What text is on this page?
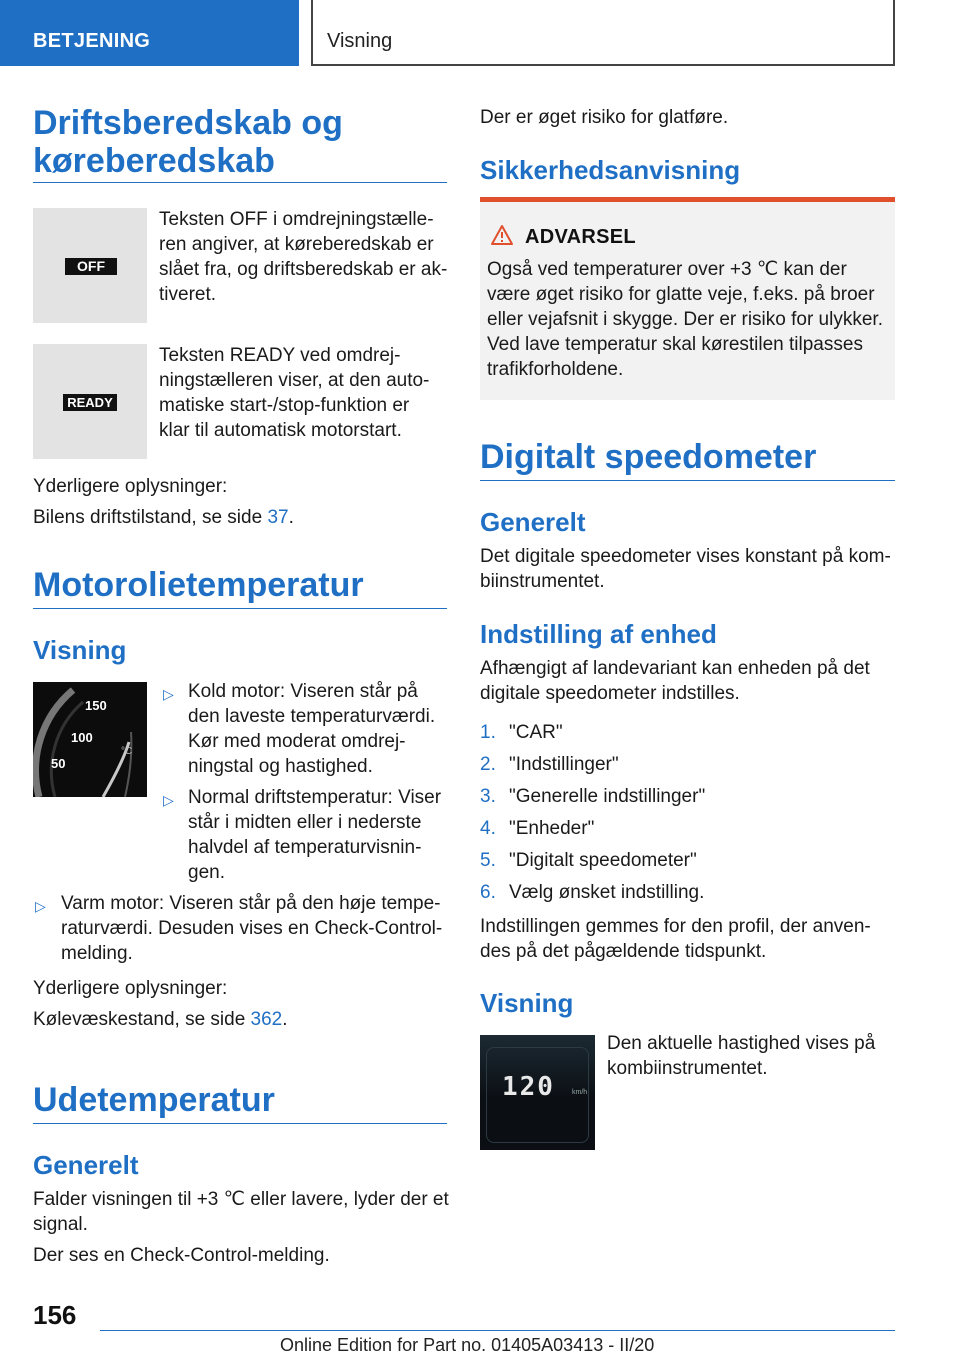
BETJENING	Visning
Driftsberedskab og
køreberedskab
OFF
Teksten OFF i omdrejningstælle‐
ren angiver, at køreberedskab er
slået fra, og driftsberedskab er ak‐
tiveret.
READY
Teksten READY ved omdrej‐
ningstælleren viser, at den auto‐
matiske start-/stop-funktion er
klar til automatisk motorstart.
Yderligere oplysninger:
Bilens driftstilstand, se side 37.
Motorolietemperatur
Visning
150
100
50
°C
▷ Kold motor: Viseren står på
den laveste temperaturværdi.
Kør med moderat omdrej‐
ningstal og hastighed.
▷ Normal driftstemperatur: Viser
står i midten eller i nederste
halvdel af temperaturvisnin‐
gen.
▷ Varm motor: Viseren står på den høje tempe‐
raturværdi. Desuden vises en Check-Control-
melding.
Yderligere oplysninger:
Kølevæskestand, se side 362.
Udetemperatur
Generelt
Falder visningen til +3 ℃ eller lavere, lyder der et
signal.
Der ses en Check-Control-melding.
Der er øget risiko for glatføre.
Sikkerhedsanvisning
ADVARSEL
Også ved temperaturer over +3 ℃ kan der
være øget risiko for glatte veje, f.eks. på broer
eller vejafsnit i skygge. Der er risiko for ulykker.
Ved lave temperatur skal kørestilen tilpasses
trafikforholdene.
Digitalt speedometer
Generelt
Det digitale speedometer vises konstant på kom‐
biinstrumentet.
Indstilling af enhed
Afhængigt af landevariant kan enheden på det
digitale speedometer indstilles.
1. "CAR"
2. "Indstillinger"
3. "Generelle indstillinger"
4. "Enheder"
5. "Digitalt speedometer"
6. Vælg ønsket indstilling.
Indstillingen gemmes for den profil, der anven‐
des på det pågældende tidspunkt.
Visning
120 km/h
Den aktuelle hastighed vises på
kombiinstrumentet.
156
Online Edition for Part no. 01405A03413 - II/20
